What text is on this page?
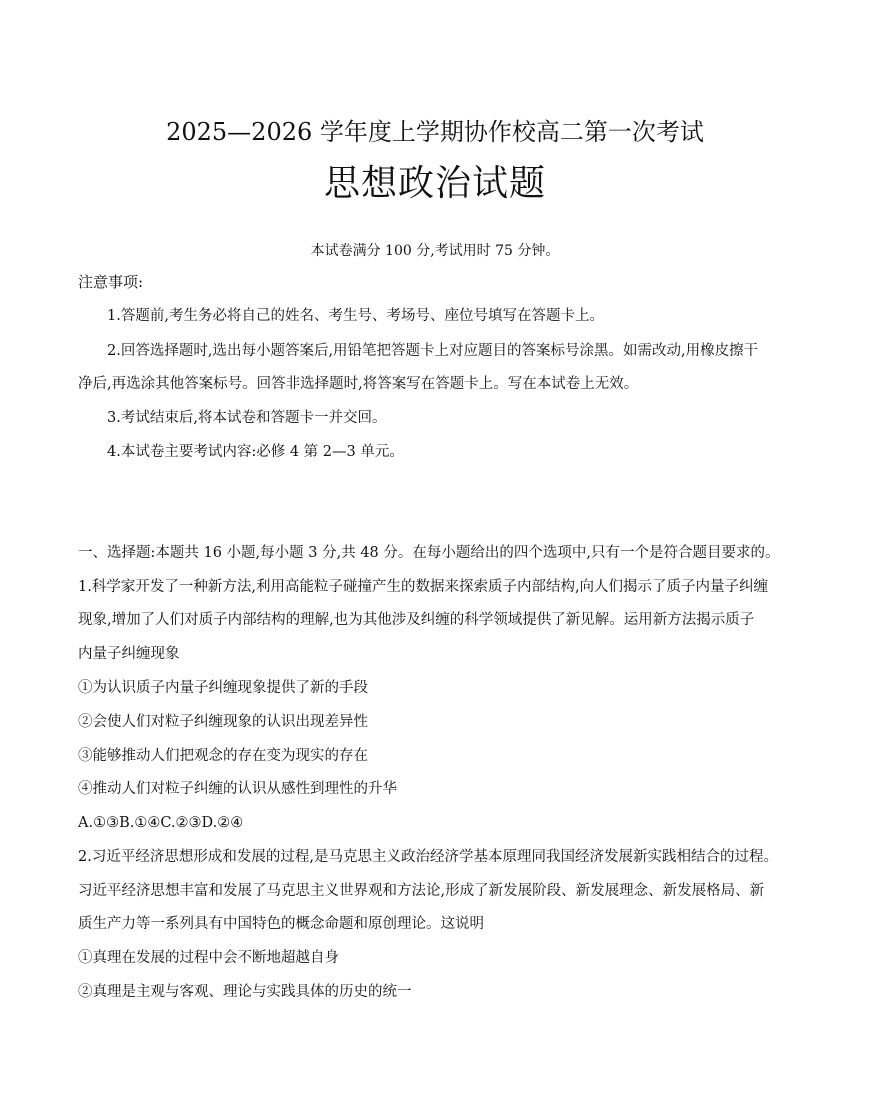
2025—2026 学年度上学期协作校高二第一次考试
思想政治试题
本试卷满分 100 分,考试用时 75 分钟。
注意事项:
1.答题前,考生务必将自己的姓名、考生号、考场号、座位号填写在答题卡上。
2.回答选择题时,选出每小题答案后,用铅笔把答题卡上对应题目的答案标号涂黑。如需改动,用橡皮擦干
净后,再选涂其他答案标号。回答非选择题时,将答案写在答题卡上。写在本试卷上无效。
3.考试结束后,将本试卷和答题卡一并交回。
4.本试卷主要考试内容:必修 4 第 2—3 单元。
一、选择题:本题共 16 小题,每小题 3 分,共 48 分。在每小题给出的四个选项中,只有一个是符合题目要求的。
1.科学家开发了一种新方法,利用高能粒子碰撞产生的数据来探索质子内部结构,向人们揭示了质子内量子纠缠
现象,增加了人们对质子内部结构的理解,也为其他涉及纠缠的科学领域提供了新见解。运用新方法揭示质子
内量子纠缠现象
①为认识质子内量子纠缠现象提供了新的手段
②会使人们对粒子纠缠现象的认识出现差异性
③能够推动人们把观念的存在变为现实的存在
④推动人们对粒子纠缠的认识从感性到理性的升华
A.①③B.①④C.②③D.②④
2.习近平经济思想形成和发展的过程,是马克思主义政治经济学基本原理同我国经济发展新实践相结合的过程。
习近平经济思想丰富和发展了马克思主义世界观和方法论,形成了新发展阶段、新发展理念、新发展格局、新
质生产力等一系列具有中国特色的概念命题和原创理论。这说明
①真理在发展的过程中会不断地超越自身
②真理是主观与客观、理论与实践具体的历史的统一
